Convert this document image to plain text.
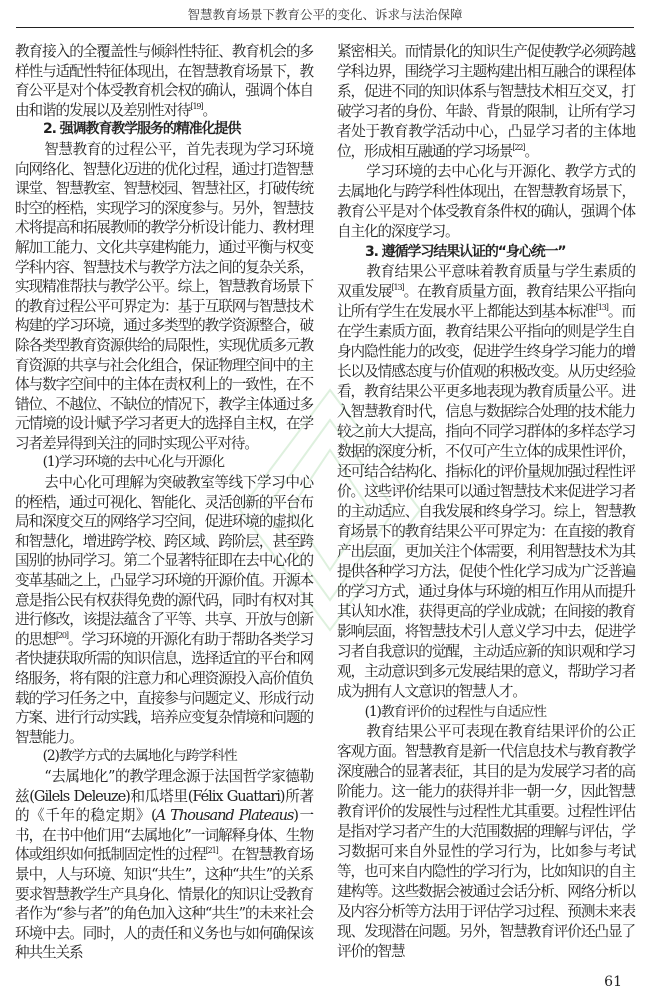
智慧教育场景下教育公平的变化、诉求与法治保障

教育接入的全覆盖性与倾斜性特征、教育机会的多样性与适配性特征体现出，在智慧教育场景下，教育公平是对个体受教育机会权的确认，强调个体自由和谐的发展以及差别性对待[19]。

2. 强调教育教学服务的精准化提供

智慧教育的过程公平，首先表现为学习环境向网络化、智慧化迈进的优化过程，通过打造智慧课堂、智慧教室、智慧校园、智慧社区，打破传统时空的桎梏，实现学习的深度参与。另外，智慧技术将提高和拓展教师的教学分析设计能力、教材理解加工能力、文化共享建构能力，通过平衡与权变学科内容、智慧技术与教学方法之间的复杂关系，实现精准帮扶与教学公平。综上，智慧教育场景下的教育过程公平可界定为：基于互联网与智慧技术构建的学习环境，通过多类型的教学资源整合，破除各类型教育资源供给的局限性，实现优质多元教育资源的共享与社会化组合，保证物理空间中的主体与数字空间中的主体在责权利上的一致性，在不错位、不越位、不缺位的情况下，教学主体通过多元情境的设计赋予学习者更大的选择自主权，在学习者差异得到关注的同时实现公平对待。

(1)学习环境的去中心化与开源化

去中心化可理解为突破教室等线下学习中心的桎梏，通过可视化、智能化、灵活创新的平台布局和深度交互的网络学习空间，促进环境的虚拟化和智慧化，增进跨学校、跨区域、跨阶层，甚至跨国别的协同学习。第二个显著特征即在去中心化的变革基础之上，凸显学习环境的开源价值。开源本意是指公民有权获得免费的源代码，同时有权对其进行修改，该提法蕴含了平等、共享、开放与创新的思想[20]。学习环境的开源化有助于帮助各类学习者快捷获取所需的知识信息，选择适宜的平台和网络服务，将有限的注意力和心理资源投入高价值负载的学习任务之中，直接参与问题定义、形成行动方案、进行行动实践，培养应变复杂情境和问题的智慧能力。

(2)教学方式的去属地化与跨学科性

“去属地化”的教学理念源于法国哲学家德勒兹(Gilels Deleuze)和瓜塔里(Félix Guattari)所著的《千年的稳定期》(A Thousand Plateaus)一书，在书中他们用“去属地化”一词解释身体、生物体或组织如何抵制固定性的过程[21]。在智慧教育场景中，人与环境、知识“共生”，这种“共生”的关系要求智慧教学生产具身化、情景化的知识让受教育者作为“参与者”的角色加入这种“共生”的未来社会环境中去。同时，人的责任和义务也与如何确保该种共生关系

紧密相关。而情景化的知识生产促使教学必须跨越学科边界，围绕学习主题构建出相互融合的课程体系，促进不同的知识体系与智慧技术相互交叉，打破学习者的身份、年龄、背景的限制，让所有学习者处于教育教学活动中心，凸显学习者的主体地位，形成相互融通的学习场景[22]。

学习环境的去中心化与开源化、教学方式的去属地化与跨学科性体现出，在智慧教育场景下，教育公平是对个体受教育条件权的确认，强调个体自主化的深度学习。

3. 遵循学习结果认证的“身心统一”

教育结果公平意味着教育质量与学生素质的双重发展[13]。在教育质量方面，教育结果公平指向让所有学生在发展水平上都能达到基本标准[13]。而在学生素质方面，教育结果公平指向的则是学生自身内隐性能力的改变，促进学生终身学习能力的增长以及情感态度与价值观的积极改变。从历史经验看，教育结果公平更多地表现为教育质量公平。进入智慧教育时代，信息与数据综合处理的技术能力较之前大大提高，指向不同学习群体的多样态学习数据的深度分析，不仅可产生立体的成果性评价，还可结合结构化、指标化的评价量规加强过程性评价。这些评价结果可以通过智慧技术来促进学习者的主动适应、自我发展和终身学习。综上，智慧教育场景下的教育结果公平可界定为：在直接的教育产出层面，更加关注个体需要，利用智慧技术为其提供各种学习方法，促使个性化学习成为广泛普遍的学习方式，通过身体与环境的相互作用从而提升其认知水准，获得更高的学业成就；在间接的教育影响层面，将智慧技术引人意义学习中去，促进学习者自我意识的觉醒，主动适应新的知识观和学习观，主动意识到多元发展结果的意义，帮助学习者成为拥有人文意识的智慧人才。

(1)教育评价的过程性与自适应性

教育结果公平可表现在教育结果评价的公正客观方面。智慧教育是新一代信息技术与教育教学深度融合的显著表征，其目的是为发展学习者的高阶能力。这一能力的获得并非一朝一夕，因此智慧教育评价的发展性与过程性尤其重要。过程性评估是指对学习者产生的大范围数据的理解与评估，学习数据可来自外显性的学习行为，比如参与考试等，也可来自内隐性的学习行为，比如知识的自主建构等。这些数据会被通过会话分析、网络分析以及内容分析等方法用于评估学习过程、预测未来表现、发现潜在问题。另外，智慧教育评价还凸显了评价的智慧

61
